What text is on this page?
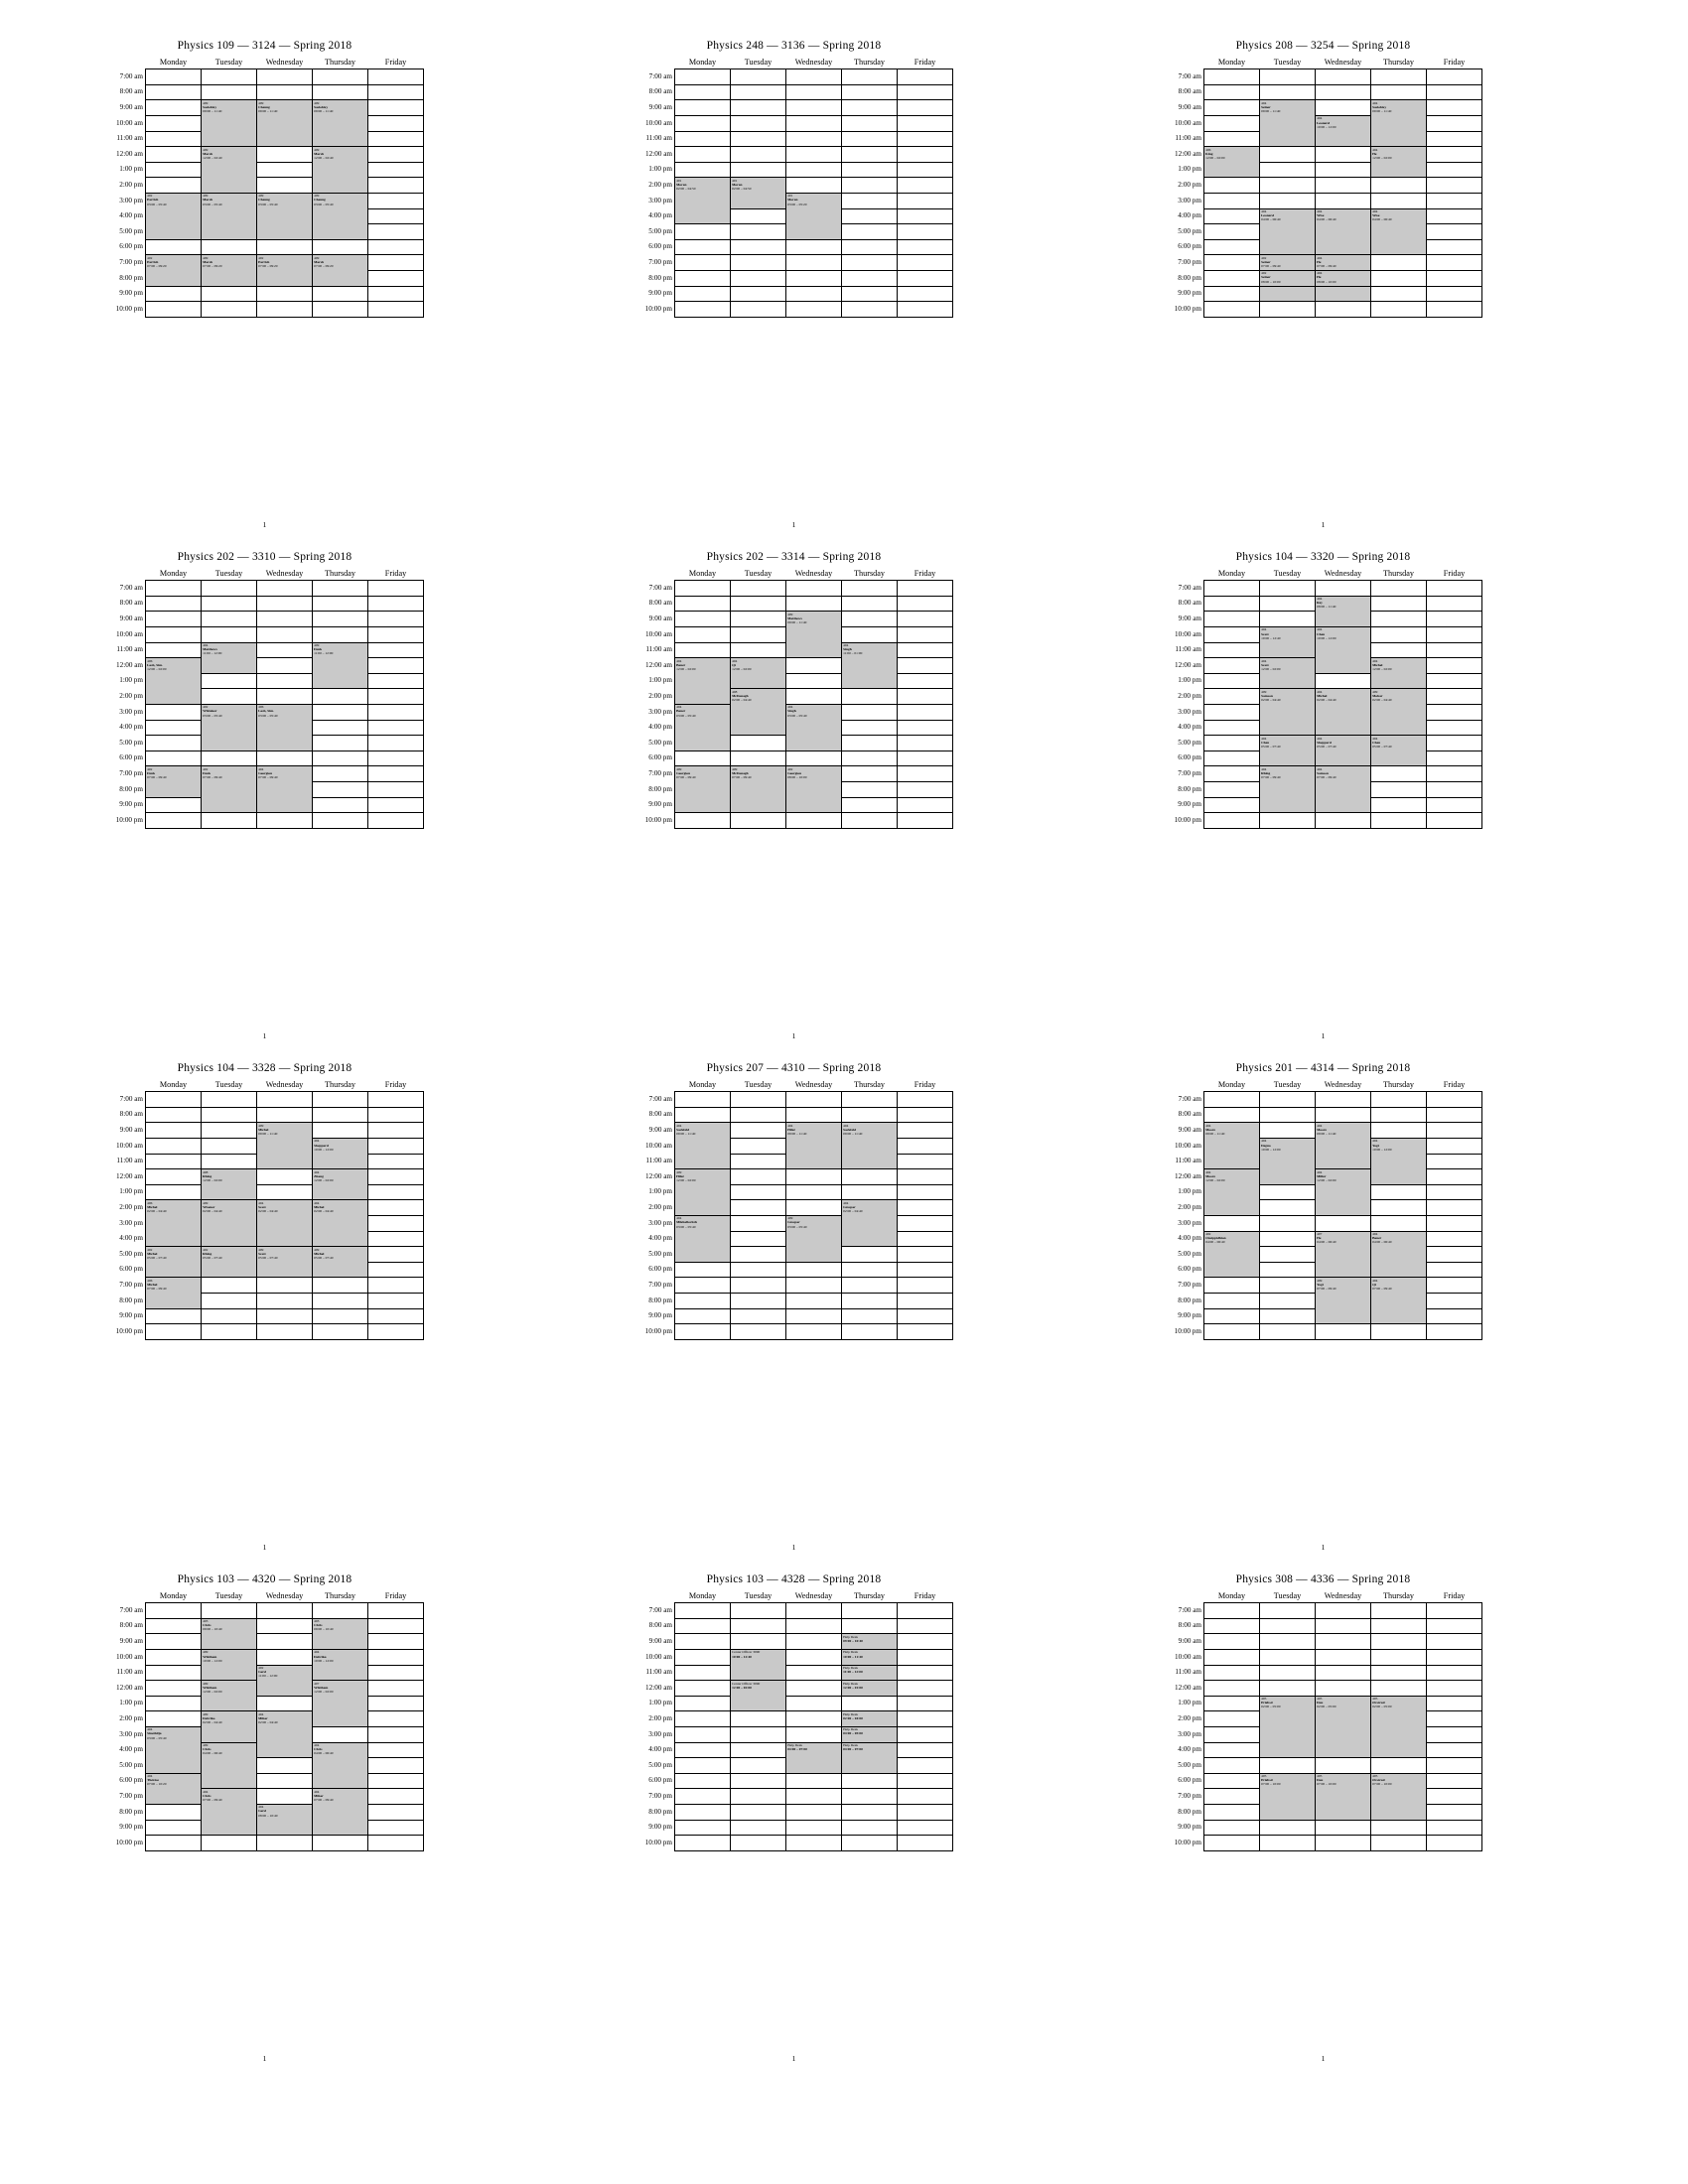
Physics 109 — 3124 — Spring 2018
	Monday	Tuesday	Wednesday	Thursday	Friday
7:00 am					
8:00 am					
9:00 am		409
Saslofsky
09:00 – 11:40	409
Cheung
09:00 – 11:40	409
Saslofsky
09:00 – 11:40	

10:00 am					
11:00 am					
12:00 am		409
Marsh
12:00 – 02:40		409
Marsh
12:00 – 02:40	

1:00 pm					
2:00 pm					
3:00 pm	402
Parrish
03:00 – 05:40	409
Marsh
03:00 – 05:40	409
Cheung
03:00 – 05:40	409
Cheung
03:00 – 05:40	

4:00 pm					
5:00 pm					
6:00 pm					
7:00 pm	402
Parrish
07:00 – 09:20	409
Marsh
07:00 – 09:20	402
Parrish
07:00 – 09:20	409
Marsh
07:00 – 09:20	

8:00 pm					
9:00 pm					
10:00 pm					
1
Physics 248 — 3136 — Spring 2018
	Monday	Tuesday	Wednesday	Thursday	Friday
7:00 am					
8:00 am					
9:00 am					
10:00 am					
11:00 am					
12:00 am					
1:00 pm					
2:00 pm	401
Moran
02:00 – 04:50	401
Moran
02:00 – 04:50			

3:00 pm			401
Moran
03:00 – 05:20		

4:00 pm					
5:00 pm					
6:00 pm					
7:00 pm					
8:00 pm					
9:00 pm					
10:00 pm					
1
Physics 208 — 3254 — Spring 2018
	Monday	Tuesday	Wednesday	Thursday	Friday
7:00 am					
8:00 am					
9:00 am		404
Seiner
09:00 – 11:40		404
Saslofsky
09:00 – 11:40	

10:00 am			404
Leonard
10:00 – 12:00		

11:00 am					
12:00 am	406
King
12:00 – 02:00			404
He
12:00 – 02:00	

1:00 pm					
2:00 pm					
3:00 pm					
4:00 pm		404
Leonard
04:00 – 06:40	404
Wise
04:00 – 06:40	404
Wise
04:00 – 06:40	

5:00 pm					
6:00 pm					
7:00 pm		402
Seiner
07:00 – 09:40	404
He
07:00 – 09:40		

8:00 pm		402
Seiner
08:00 – 10:00	404
He
08:00 – 10:00		

9:00 pm					
10:00 pm					
1
Physics 202 — 3310 — Spring 2018
	Monday	Tuesday	Wednesday	Thursday	Friday
7:00 am					
8:00 am					
9:00 am					
10:00 am					
11:00 am		404
Matthews
11:00 – 12:00		409
Funk
11:00 – 12:00	

12:00 am	406
Lash, Sim.
12:00 – 02:00				

1:00 pm					
2:00 pm					
3:00 pm		402
Whitaker
03:00 – 05:40	406
Lash, Sim.
03:00 – 05:40		

4:00 pm					
5:00 pm					
6:00 pm					
7:00 pm	402
Funk
07:00 – 09:40	402
Funk
07:00 – 09:40	404
Georgiou
07:00 – 09:40		

8:00 pm					
9:00 pm					
10:00 pm					
1
Physics 202 — 3314 — Spring 2018
	Monday	Tuesday	Wednesday	Thursday	Friday
7:00 am					
8:00 am					
9:00 am			409
Matthews
09:00 – 11:40		

10:00 am					
11:00 am				404
Singh
11:00 – 01:00	

12:00 am	404
Bauer
12:00 – 02:00	404
Qi
12:00 – 02:00			

1:00 pm					
2:00 pm		408
McDonagh
02:00 – 04:40			

3:00 pm	404
Bauer
03:00 – 05:40		404
Singh
03:00 – 05:40		

4:00 pm					
5:00 pm					
6:00 pm					
7:00 pm	409
Georgiou
07:00 – 09:40	409
McDonagh
07:00 – 09:40	402
Georgiou
08:00 – 10:00		

8:00 pm					
9:00 pm					
10:00 pm					
1
Physics 104 — 3320 — Spring 2018
	Monday	Tuesday	Wednesday	Thursday	Friday
7:00 am					
8:00 am			404
Rey
08:00 – 11:40		

9:00 am					
10:00 am		404
Scott
10:00 – 12:40	404
Chen
10:00 – 12:00		

11:00 am					
12:00 am		404
Scott
12:00 – 02:00		404
Michel
12:00 – 02:00	

1:00 pm					
2:00 pm		409
Samson
02:00 – 04:40	404
Michel
02:00 – 04:40	409
Mohar
02:00 – 04:40	

3:00 pm					
4:00 pm					
5:00 pm		404
Chen
05:00 – 07:40	404
Sheppard
05:00 – 07:40	404
Chen
05:00 – 07:40	

6:00 pm					
7:00 pm		404
Rhing
07:00 – 09:40	404
Samson
07:00 – 09:40		

8:00 pm					
9:00 pm					
10:00 pm					
1
Physics 104 — 3328 — Spring 2018
	Monday	Tuesday	Wednesday	Thursday	Friday
7:00 am					
8:00 am					
9:00 am			409
Michel
09:00 – 11:40		

10:00 am				404
Sheppard
10:00 – 12:00	

11:00 am					
12:00 am		408
Rhing
12:00 – 02:00		404
Zhang
12:00 – 02:00	

1:00 pm					
2:00 pm	406
Michel
02:00 – 04:40	409
Wisener
02:00 – 04:40	404
Scott
02:00 – 04:40	404
Michel
02:00 – 04:40	

3:00 pm					
4:00 pm					
5:00 pm	402
Michel
05:00 – 07:40	402
Rhing
05:00 – 07:40	409
Scott
05:00 – 07:40	409
Michel
05:00 – 07:40	

6:00 pm					
7:00 pm	406
Michel
07:00 – 09:40				

8:00 pm					
9:00 pm					
10:00 pm					
1
Physics 207 — 4310 — Spring 2018
	Monday	Tuesday	Wednesday	Thursday	Friday
7:00 am					
8:00 am					
9:00 am	404
Sackfeld
09:00 – 11:40		404
Hilar
09:00 – 11:40	404
Sackfeld
09:00 – 11:40	

10:00 am					
11:00 am					
12:00 am	409
Hilar
12:00 – 02:00				

1:00 pm					
2:00 pm				404
Grospar
02:00 – 04:40	

3:00 pm	404
Mikhaïlovitch
03:00 – 05:40		409
Grospar
03:00 – 05:40		

4:00 pm					
5:00 pm					
6:00 pm					
7:00 pm					
8:00 pm					
9:00 pm					
10:00 pm					
1
Physics 201 — 4314 — Spring 2018
	Monday	Tuesday	Wednesday	Thursday	Friday
7:00 am					
8:00 am					
9:00 am	404
Moore
09:00 – 11:40		404
Moore
09:00 – 11:40		

10:00 am		404
Deguo
10:00 – 12:00		404
Yogi
10:00 – 12:00	

11:00 am					
12:00 am	404
Moore
12:00 – 02:00		404
Miller
12:00 – 02:00		

1:00 pm					
2:00 pm					
3:00 pm					
4:00 pm	402
Onsippidhion
04:00 – 06:40		407
He
04:00 – 06:40	404
Bauer
04:00 – 06:40	

5:00 pm					
6:00 pm					
7:00 pm			409
Yogi
07:00 – 09:40	404
Qi
07:00 – 09:40	

8:00 pm					
9:00 pm					
10:00 pm					
1
Physics 103 — 4320 — Spring 2018
	Monday	Tuesday	Wednesday	Thursday	Friday
7:00 am					
8:00 am		403
Chris
09:00 – 10:40		403
Chris
09:00 – 10:40	

9:00 am					
10:00 am		409
Whitham
10:00 – 12:00		404
Dobrika
10:00 – 12:00	

11:00 am			402
Gerd
11:00 – 12:00		

12:00 am		409
Whitham
12:00 – 02:00		407
Whitham
12:00 – 02:00	

1:00 pm					
2:00 pm		409
Dobriko
02:00 – 04:40	404
Mihar
02:00 – 04:40		

3:00 pm	404
Sinethilja
03:00 – 05:40				

4:00 pm		409
Chris
04:00 – 06:40		404
Chris
04:00 – 06:40	

5:00 pm					
6:00 pm	404
Thérèse
07:00 – 10:20				

7:00 pm		404
Chris
07:00 – 09:40		404
Mihar
07:00 – 09:40	

8:00 pm			404
Gerd
08:00 – 10:40		

9:00 pm					
10:00 pm					
1
Physics 103 — 4328 — Spring 2018
	Monday	Tuesday	Wednesday	Thursday	Friday
7:00 am					
8:00 am					
9:00 am				Help Desk
09:00 – 10:40	

10:00 am		Center Officer 3090
10:00 – 12:40		Help Desk
10:00 – 11:40	

11:00 am				Help Desk
11:00 – 12:00	

12:00 am		Center Officer 3090
12:00 – 02:00		Help Desk
12:00 – 01:00	

1:00 pm					
2:00 pm				Help Desk
02:00 – 04:00	

3:00 pm				Help Desk
04:00 – 05:00	

4:00 pm			Help Desk
04:00 – 07:00	Help Desk
04:00 – 07:00	

5:00 pm					
6:00 pm					
7:00 pm					
8:00 pm					
9:00 pm					
10:00 pm					
1
Physics 308 — 4336 — Spring 2018
	Monday	Tuesday	Wednesday	Thursday	Friday
7:00 am					
8:00 am					
9:00 am					
10:00 am					
11:00 am					
12:00 am					
1:00 pm		405
Priebsd
02:00 – 05:00	405
Dou
02:00 – 05:00	405
Øvstrud
02:00 – 05:00	

2:00 pm					
3:00 pm					
4:00 pm					
5:00 pm					
6:00 pm		405
Priebsd
07:00 – 10:00	405
Dou
07:00 – 10:00	405
Øvstrud
07:00 – 10:00	

7:00 pm					
8:00 pm					
9:00 pm					
10:00 pm					
1
